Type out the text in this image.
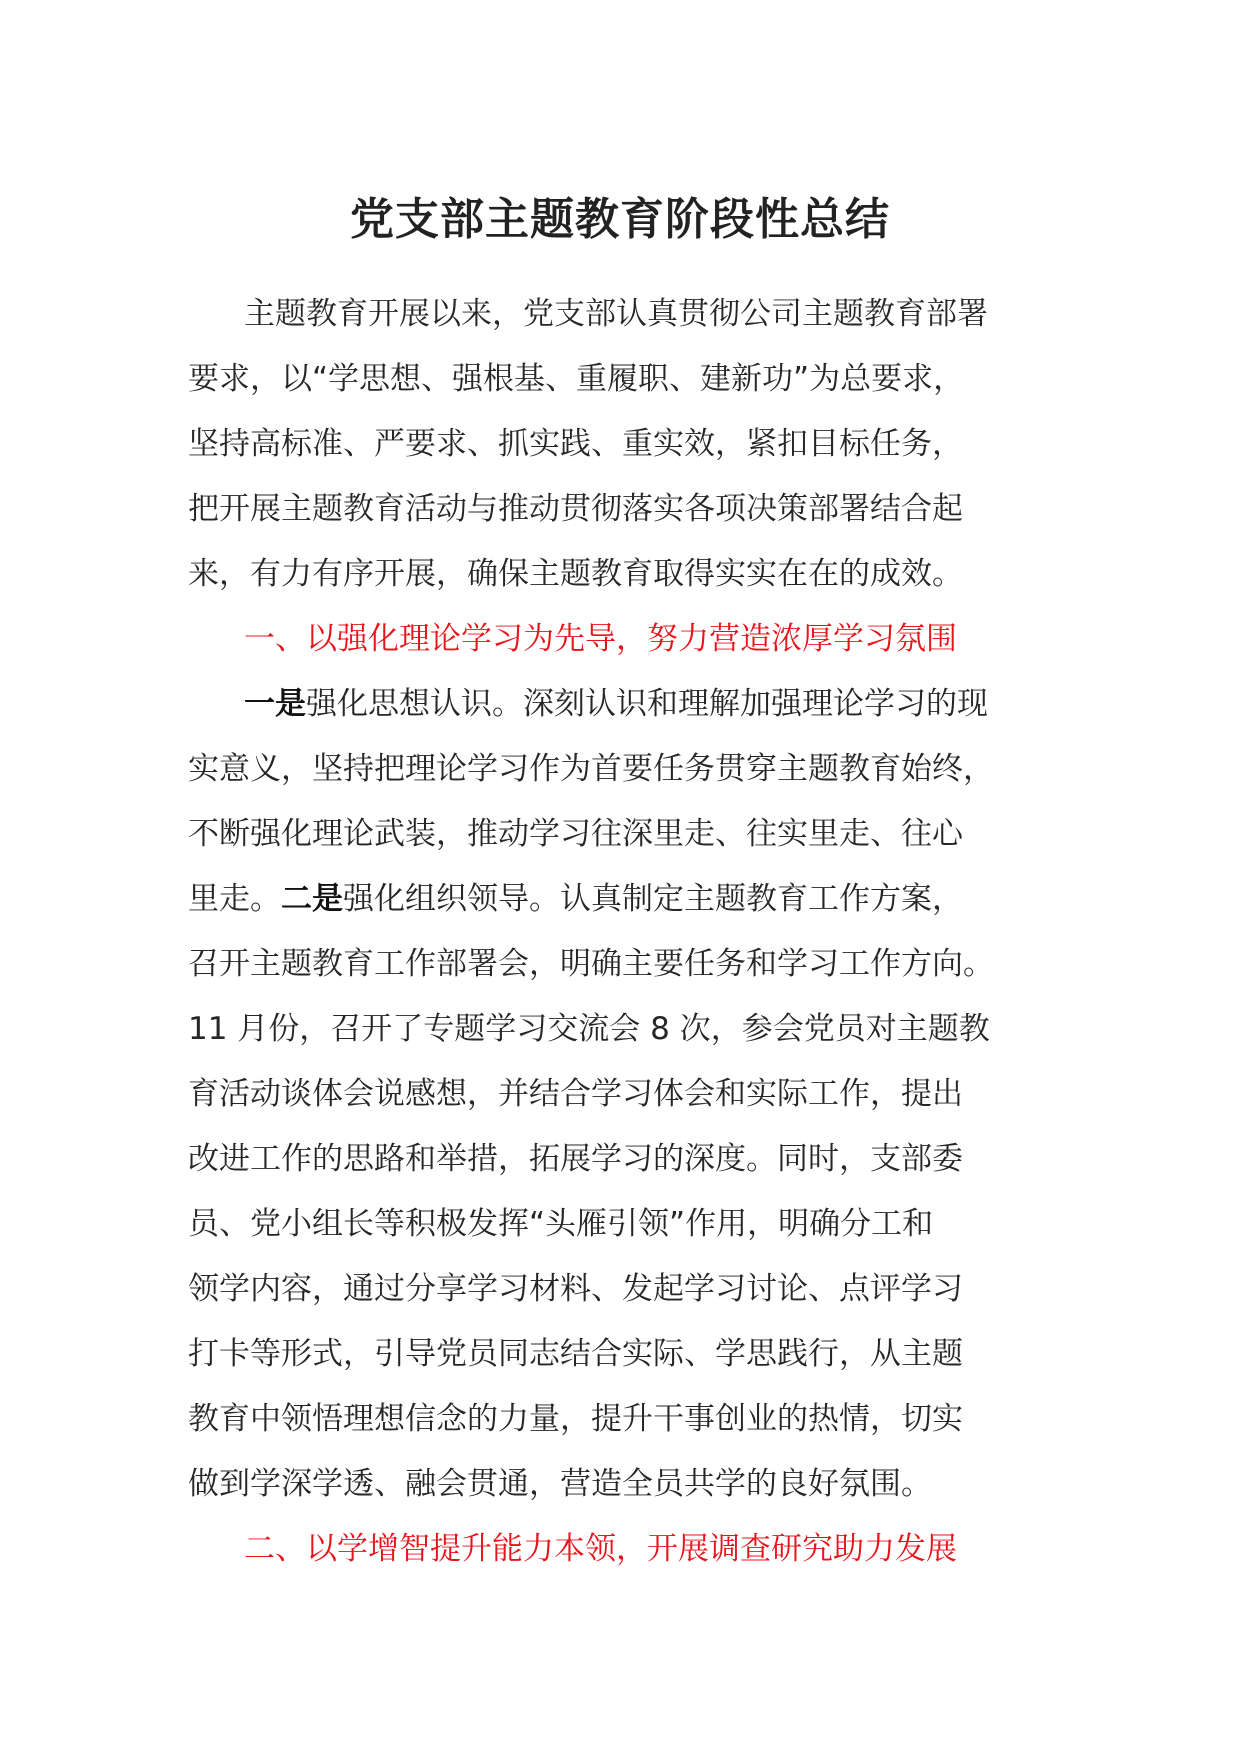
党支部主题教育阶段性总结
主题教育开展以来，党支部认真贯彻公司主题教育部署
要求，以“学思想、强根基、重履职、建新功”为总要求，
坚持高标准、严要求、抓实践、重实效，紧扣目标任务，
把开展主题教育活动与推动贯彻落实各项决策部署结合起
来，有力有序开展，确保主题教育取得实实在在的成效。
一、以强化理论学习为先导，努力营造浓厚学习氛围
一是强化思想认识。深刻认识和理解加强理论学习的现
实意义，坚持把理论学习作为首要任务贯穿主题教育始终，
不断强化理论武装，推动学习往深里走、往实里走、往心
里走。二是强化组织领导。认真制定主题教育工作方案，
召开主题教育工作部署会，明确主要任务和学习工作方向。
11 月份，召开了专题学习交流会 8 次，参会党员对主题教
育活动谈体会说感想，并结合学习体会和实际工作，提出
改进工作的思路和举措，拓展学习的深度。同时，支部委
员、党小组长等积极发挥“头雁引领”作用，明确分工和
领学内容，通过分享学习材料、发起学习讨论、点评学习
打卡等形式，引导党员同志结合实际、学思践行，从主题
教育中领悟理想信念的力量，提升干事创业的热情，切实
做到学深学透、融会贯通，营造全员共学的良好氛围。
二、以学增智提升能力本领，开展调查研究助力发展
